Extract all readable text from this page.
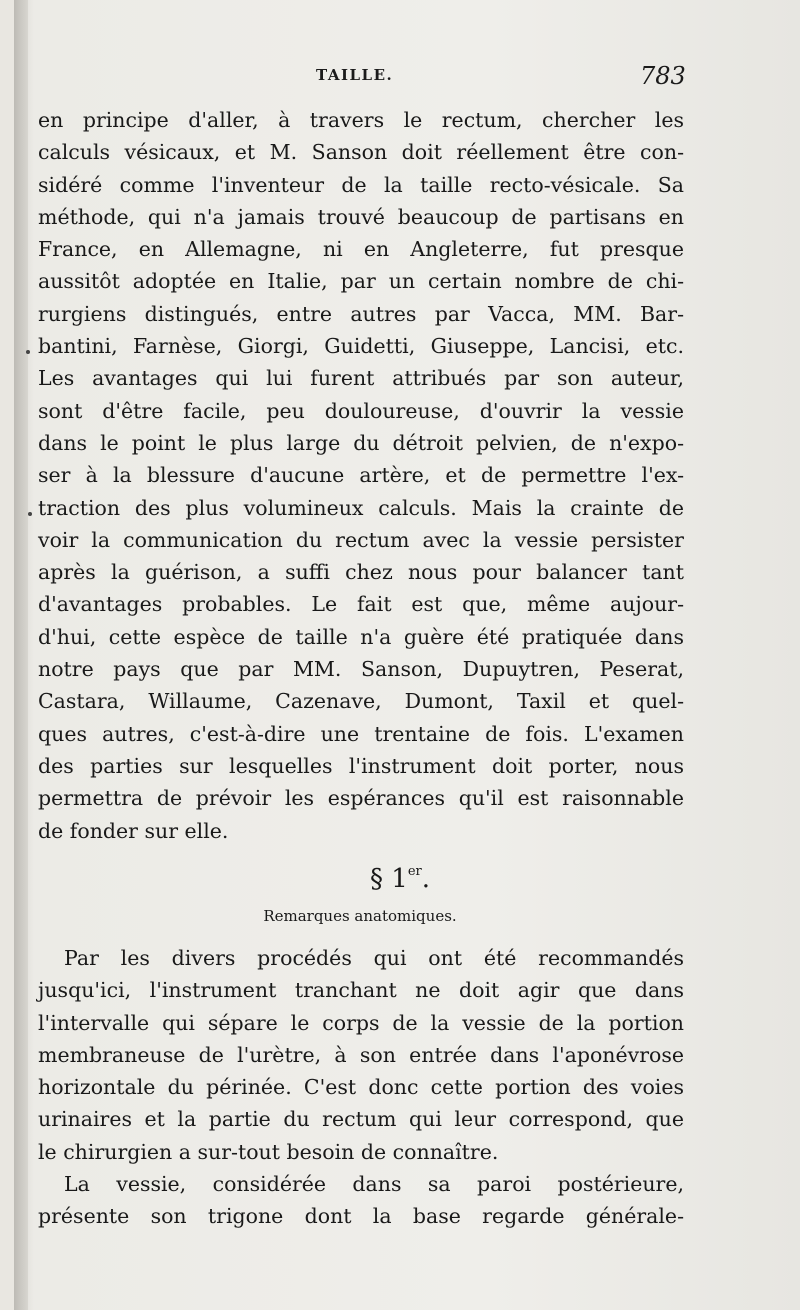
TAILLE.	783
en principe d'aller, à travers le rectum, chercher les
calculs vésicaux, et M. Sanson doit réellement être con-
sidéré comme l'inventeur de la taille recto-vésicale. Sa
méthode, qui n'a jamais trouvé beaucoup de partisans en
France, en Allemagne, ni en Angleterre, fut presque
aussitôt adoptée en Italie, par un certain nombre de chi-
rurgiens distingués, entre autres par Vacca, MM. Bar-
bantini, Farnèse, Giorgi, Guidetti, Giuseppe, Lancisi, etc.
Les avantages qui lui furent attribués par son auteur,
sont d'être facile, peu douloureuse, d'ouvrir la vessie
dans le point le plus large du détroit pelvien, de n'expo-
ser à la blessure d'aucune artère, et de permettre l'ex-
traction des plus volumineux calculs. Mais la crainte de
voir la communication du rectum avec la vessie persister
après la guérison, a suffi chez nous pour balancer tant
d'avantages probables. Le fait est que, même aujour-
d'hui, cette espèce de taille n'a guère été pratiquée dans
notre pays que par MM. Sanson, Dupuytren, Peserat,
Castara, Willaume, Cazenave, Dumont, Taxil et quel-
ques autres, c'est-à-dire une trentaine de fois. L'examen
des parties sur lesquelles l'instrument doit porter, nous
permettra de prévoir les espérances qu'il est raisonnable
de fonder sur elle.
§ 1er.
Remarques anatomiques.
Par les divers procédés qui ont été recommandés
jusqu'ici, l'instrument tranchant ne doit agir que dans
l'intervalle qui sépare le corps de la vessie de la portion
membraneuse de l'urètre, à son entrée dans l'aponévrose
horizontale du périnée. C'est donc cette portion des voies
urinaires et la partie du rectum qui leur correspond, que
le chirurgien a sur-tout besoin de connaître.
La vessie, considérée dans sa paroi postérieure,
présente son trigone dont la base regarde générale-
